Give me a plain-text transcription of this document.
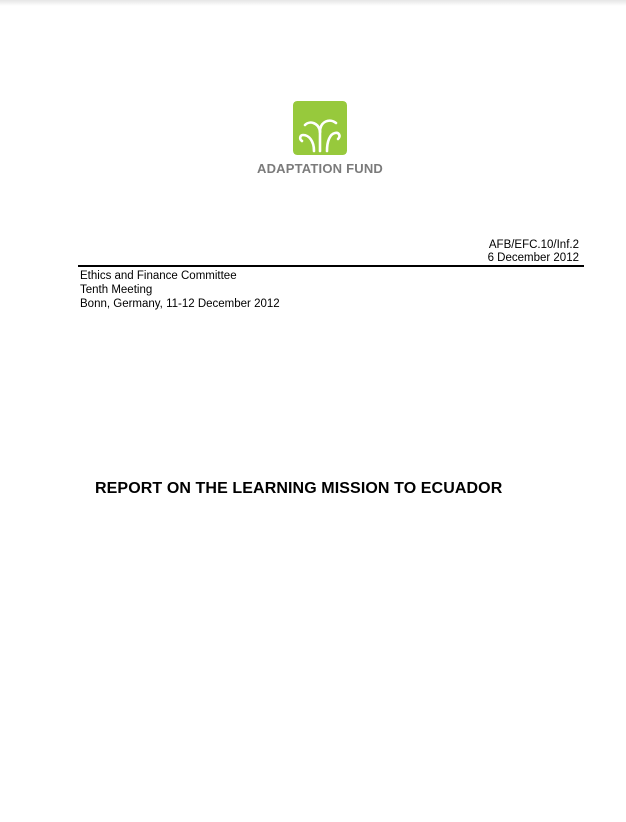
ADAPTATION FUND
AFB/EFC.10/Inf.2
6 December 2012
Ethics and Finance Committee
Tenth Meeting
Bonn, Germany, 11-12 December 2012
REPORT ON THE LEARNING MISSION TO ECUADOR
